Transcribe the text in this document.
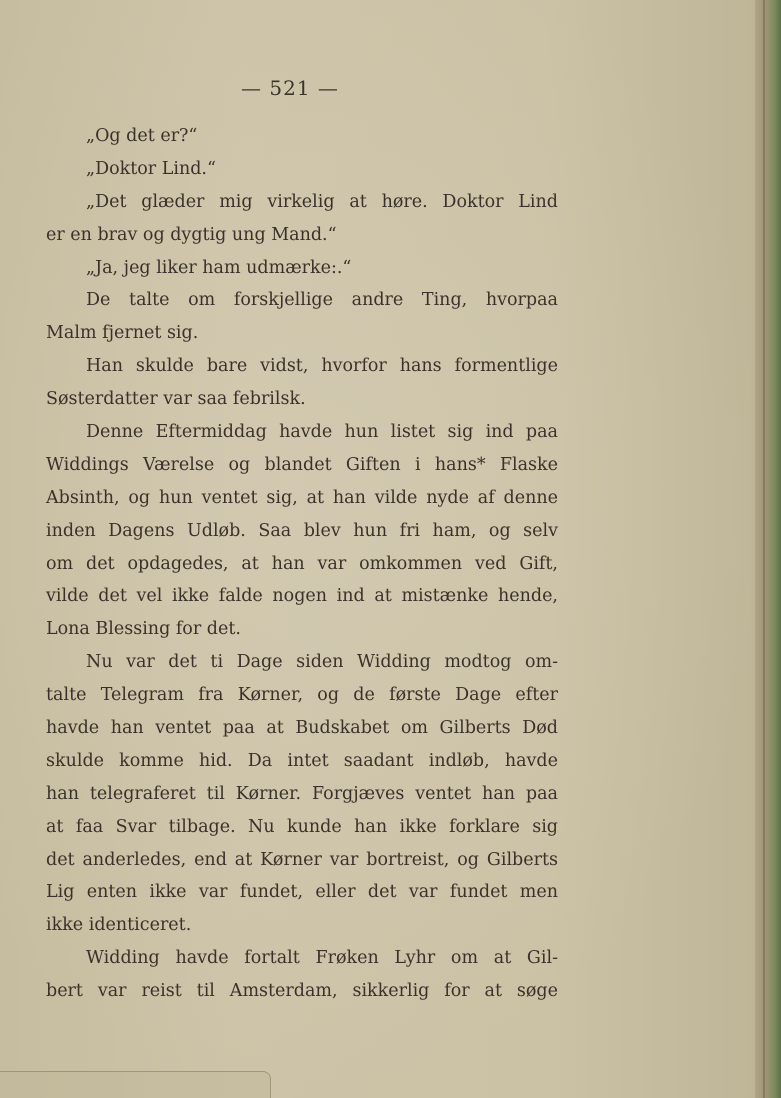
— 521 —
„Og det er?“
„Doktor Lind.“
„Det glæder mig virkelig at høre. Doktor Lind
er en brav og dygtig ung Mand.“
„Ja, jeg liker ham udmærke:.“
De talte om forskjellige andre Ting, hvorpaa
Malm fjernet sig.
Han skulde bare vidst, hvorfor hans formentlige
Søsterdatter var saa febrilsk.
Denne Eftermiddag havde hun listet sig ind paa
Widdings Værelse og blandet Giften i hans* Flaske
Absinth, og hun ventet sig, at han vilde nyde af denne
inden Dagens Udløb. Saa blev hun fri ham, og selv
om det opdagedes, at han var omkommen ved Gift,
vilde det vel ikke falde nogen ind at mistænke hende,
Lona Blessing for det.
Nu var det ti Dage siden Widding modtog om-
talte Telegram fra Kørner, og de første Dage efter
havde han ventet paa at Budskabet om Gilberts Død
skulde komme hid. Da intet saadant indløb, havde
han telegraferet til Kørner. Forgjæves ventet han paa
at faa Svar tilbage. Nu kunde han ikke forklare sig
det anderledes, end at Kørner var bortreist, og Gilberts
Lig enten ikke var fundet, eller det var fundet men
ikke identiceret.
Widding havde fortalt Frøken Lyhr om at Gil-
bert var reist til Amsterdam, sikkerlig for at søge
